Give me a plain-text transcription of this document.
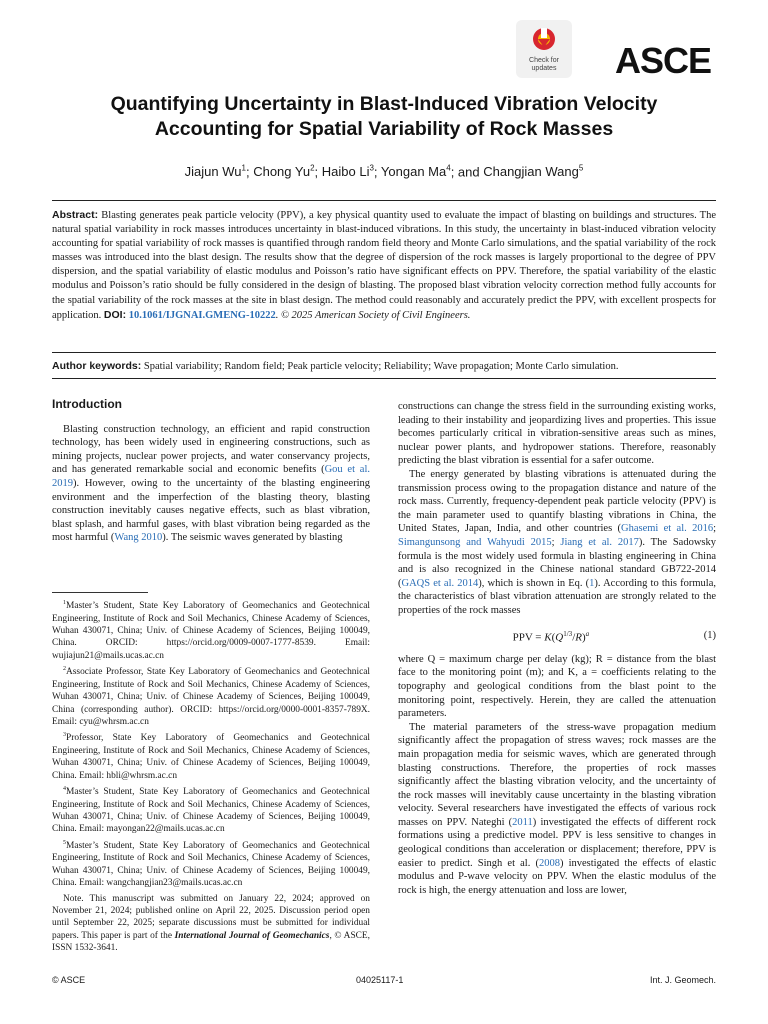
Check for
updates	ASCE
Quantifying Uncertainty in Blast-Induced Vibration Velocity
Accounting for Spatial Variability of Rock Masses
Jiajun Wu$^1$; Chong Yu$^2$; Haibo Li$^3$; Yongan Ma$^4$; and Changjian Wang$^5$
Abstract: Blasting generates peak particle velocity (PPV), a key physical quantity used to evaluate the impact of blasting on buildings and structures. The natural spatial variability in rock masses introduces uncertainty in blast-induced vibrations. In this study, the uncertainty in blast-induced vibration velocity accounting for spatial variability of rock masses is quantified through random field theory and Monte Carlo simulations, and the spatial variability of the rock masses was introduced into the blast design. The results show that the degree of dispersion of the rock masses is largely proportional to the degree of PPV dispersion, and the spatial variability of elastic modulus and Poisson’s ratio have significant effects on PPV. Therefore, the spatial variability of the elastic modulus and Poisson’s ratio should be fully considered in the design of blasting. The proposed blast vibration velocity correction method fully accounts for the spatial variability of the rock masses at the site in blast design. The method could reasonably and accurately predict the PPV, with excellent prospects for application. DOI: 10.1061/IJGNAI.GMENG-10222. © 2025 American Society of Civil Engineers.
Author keywords: Spatial variability; Random field; Peak particle velocity; Reliability; Wave propagation; Monte Carlo simulation.
Introduction

Blasting construction technology, an efficient and rapid construction technology, has been widely used in engineering constructions, such as mining projects, nuclear power projects, and water conservancy projects, and has generated remarkable social and economic benefits (Gou et al. 2019). However, owing to the uncertainty of the blasting engineering environment and the imperfection of the blasting theory, blasting construction inevitably causes negative effects, such as blast vibration, blast splash, and harmful gases, with blast vibration being regarded as the most harmful (Wang 2010). The seismic waves generated by blasting

$^1$Master’s Student, State Key Laboratory of Geomechanics and Geotechnical Engineering, Institute of Rock and Soil Mechanics, Chinese Academy of Sciences, Wuhan 430071, China; Univ. of Chinese Academy of Sciences, Beijing 100049, China. ORCID: https://orcid.org/0009-0007-1777-8539. Email: wujiajun21@mails.ucas.ac.cn

$^2$Associate Professor, State Key Laboratory of Geomechanics and Geotechnical Engineering, Institute of Rock and Soil Mechanics, Chinese Academy of Sciences, Wuhan 430071, China; Univ. of Chinese Academy of Sciences, Beijing 100049, China (corresponding author). ORCID: https://orcid.org/0000-0001-8357-789X. Email: cyu@whrsm.ac.cn

$^3$Professor, State Key Laboratory of Geomechanics and Geotechnical Engineering, Institute of Rock and Soil Mechanics, Chinese Academy of Sciences, Wuhan 430071, China; Univ. of Chinese Academy of Sciences, Beijing 100049, China. Email: hbli@whrsm.ac.cn

$^4$Master’s Student, State Key Laboratory of Geomechanics and Geotechnical Engineering, Institute of Rock and Soil Mechanics, Chinese Academy of Sciences, Wuhan 430071, China; Univ. of Chinese Academy of Sciences, Beijing 100049, China. Email: mayongan22@mails.ucas.ac.cn

$^5$Master’s Student, State Key Laboratory of Geomechanics and Geotechnical Engineering, Institute of Rock and Soil Mechanics, Chinese Academy of Sciences, Wuhan 430071, China; Univ. of Chinese Academy of Sciences, Beijing 100049, China. Email: wangchangjian23@mails.ucas.ac.cn

Note. This manuscript was submitted on January 22, 2024; approved on November 21, 2024; published online on April 22, 2025. Discussion period open until September 22, 2025; separate discussions must be submitted for individual papers. This paper is part of the International Journal of Geomechanics, © ASCE, ISSN 1532-3641.

constructions can change the stress field in the surrounding existing works, leading to their instability and jeopardizing lives and properties. This issue becomes particularly critical in vibration-sensitive areas such as mines, nuclear power plants, and hydropower stations. Therefore, reasonably predicting the blast vibration is essential for a safer outcome.

The energy generated by blasting vibrations is attenuated during the transmission process owing to the propagation distance and nature of the rock mass. Currently, frequency-dependent peak particle velocity (PPV) is the main parameter used to quantify blasting vibrations in China, the United States, Japan, India, and other countries (Ghasemi et al. 2016; Simangunsong and Wahyudi 2015; Jiang et al. 2017). The Sadowsky formula is the most widely used formula in blasting engineering in China and is also recognized in the Chinese national standard GB722-2014 (GAQS et al. 2014), which is shown in Eq. (1). According to this formula, the characteristics of blast vibration attenuation are strongly related to the properties of the rock masses

PPV = $K(Q^{1/3}/R)^a$	(1)

where Q = maximum charge per delay (kg); R = distance from the blast face to the monitoring point (m); and K, a = coefficients relating to the topography and geological conditions from the blast point to the monitoring point, respectively. Herein, they are called the attenuation parameters.

The material parameters of the stress-wave propagation medium significantly affect the propagation of stress waves; rock masses are the main propagation media for seismic waves, which are generated through blasting constructions. Therefore, the properties of rock masses significantly affect the blasting vibration velocity, and the uncertainty of the rock masses will inevitably cause uncertainty in the blasting vibration velocity. Several researchers have investigated the effects of various rock masses on PPV. Nateghi (2011) investigated the effects of different rock formations using a predictive model. PPV is less sensitive to changes in geological conditions than acceleration or displacement; therefore, PPV is easier to predict. Singh et al. (2008) investigated the effects of elastic modulus and P-wave velocity on PPV. When the elastic modulus of the rock is high, the energy attenuation and loss are lower,

© ASCE	04025117-1	Int. J. Geomech.
